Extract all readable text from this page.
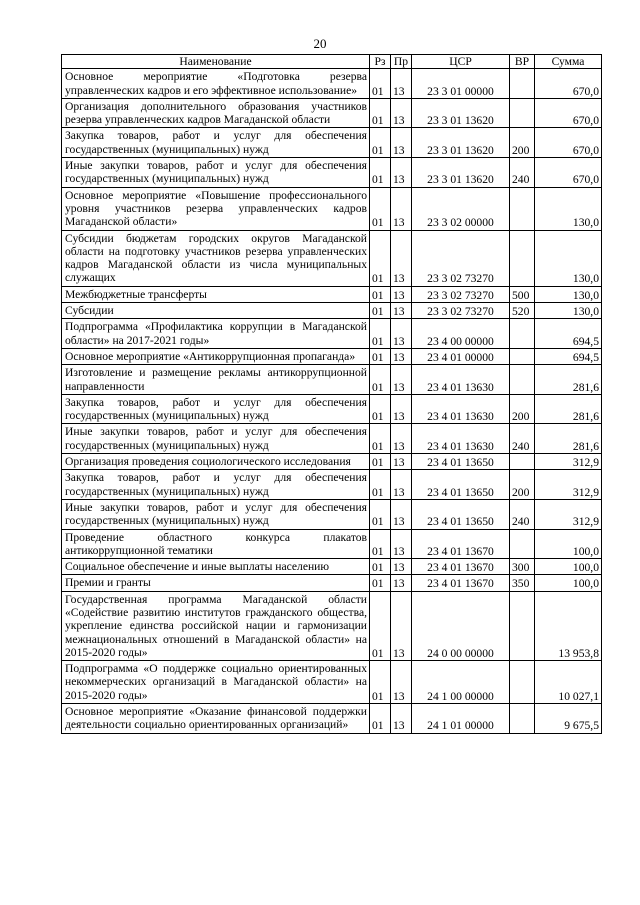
20
Наименование	Рз	Пр	ЦСР	ВР	Сумма
Основное мероприятие «Подготовка резерва управленческих кадров и его эффективное использование»	01	13	23 3 01 00000		670,0
Организация дополнительного образования участников резерва управленческих кадров Магаданской области	01	13	23 3 01 13620		670,0
Закупка товаров, работ и услуг для обеспечения государственных (муниципальных) нужд	01	13	23 3 01 13620	200	670,0
Иные закупки товаров, работ и услуг для обеспечения государственных (муниципальных) нужд	01	13	23 3 01 13620	240	670,0
Основное мероприятие «Повышение профессионального уровня участников резерва управленческих кадров Магаданской области»	01	13	23 3 02 00000		130,0
Субсидии бюджетам городских округов Магаданской области на подготовку участников резерва управленческих кадров Магаданской области из числа муниципальных служащих	01	13	23 3 02 73270		130,0
Межбюджетные трансферты	01	13	23 3 02 73270	500	130,0
Субсидии	01	13	23 3 02 73270	520	130,0
Подпрограмма «Профилактика коррупции в Магаданской области» на 2017-2021 годы»	01	13	23 4 00 00000		694,5
Основное мероприятие «Антикоррупционная пропаганда»	01	13	23 4 01 00000		694,5
Изготовление и размещение рекламы антикоррупционной направленности	01	13	23 4 01 13630		281,6
Закупка товаров, работ и услуг для обеспечения государственных (муниципальных) нужд	01	13	23 4 01 13630	200	281,6
Иные закупки товаров, работ и услуг для обеспечения государственных (муниципальных) нужд	01	13	23 4 01 13630	240	281,6
Организация проведения социологического исследования	01	13	23 4 01 13650		312,9
Закупка товаров, работ и услуг для обеспечения государственных (муниципальных) нужд	01	13	23 4 01 13650	200	312,9
Иные закупки товаров, работ и услуг для обеспечения государственных (муниципальных) нужд	01	13	23 4 01 13650	240	312,9
Проведение областного конкурса плакатов антикоррупционной тематики	01	13	23 4 01 13670		100,0
Социальное обеспечение и иные выплаты населению	01	13	23 4 01 13670	300	100,0
Премии и гранты	01	13	23 4 01 13670	350	100,0
Государственная программа Магаданской области «Содействие развитию институтов гражданского общества, укрепление единства российской нации и гармонизации межнациональных отношений в Магаданской области» на 2015-2020 годы»	01	13	24 0 00 00000		13 953,8
Подпрограмма «О поддержке социально ориентированных некоммерческих организаций в Магаданской области» на 2015-2020 годы»	01	13	24 1 00 00000		10 027,1
Основное мероприятие «Оказание финансовой поддержки деятельности социально ориентированных организаций»	01	13	24 1 01 00000		9 675,5
